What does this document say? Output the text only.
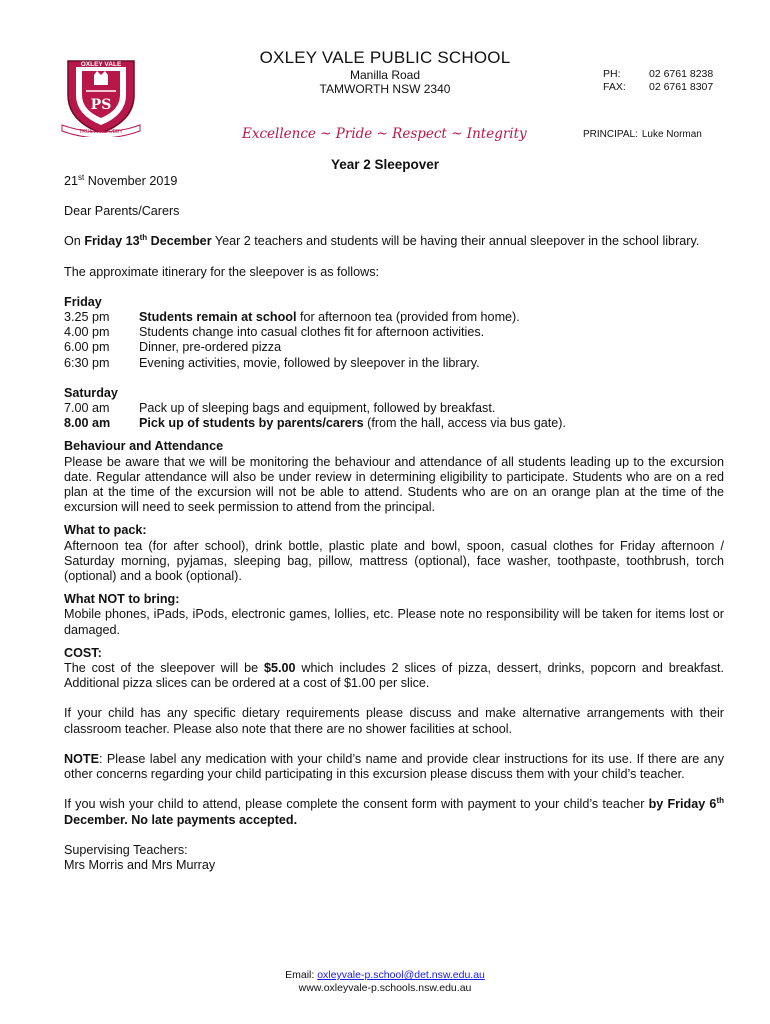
PS
OXLEY VALE
TRUST AND OBEY
OXLEY VALE PUBLIC SCHOOL
Manilla Road
TAMWORTH NSW 2340
PH:	02 6761 8238
FAX: 02 6761 8307
Excellence ~ Pride ~ Respect ~ Integrity	PRINCIPAL: Luke Norman
Year 2 Sleepover

21st November 2019

Dear Parents/Carers

On Friday 13th December Year 2 teachers and students will be having their annual sleepover in the school library.

The approximate itinerary for the sleepover is as follows:

Friday
3.25 pm	Students remain at school for afternoon tea (provided from home).
4.00 pm	Students change into casual clothes fit for afternoon activities.
6.00 pm	Dinner, pre-ordered pizza
6:30 pm	Evening activities, movie, followed by sleepover in the library.
Saturday
7.00 am	Pack up of sleeping bags and equipment, followed by breakfast.
8.00 am	Pick up of students by parents/carers (from the hall, access via bus gate).
Behaviour and Attendance

Please be aware that we will be monitoring the behaviour and attendance of all students leading up to the excursion date. Regular attendance will also be under review in determining eligibility to participate. Students who are on a red plan at the time of the excursion will not be able to attend. Students who are on an orange plan at the time of the excursion will need to seek permission to attend from the principal.

What to pack:

Afternoon tea (for after school), drink bottle, plastic plate and bowl, spoon, casual clothes for Friday afternoon / Saturday morning, pyjamas, sleeping bag, pillow, mattress (optional), face washer, toothpaste, toothbrush, torch (optional) and a book (optional).

What NOT to bring:

Mobile phones, iPads, iPods, electronic games, lollies, etc. Please note no responsibility will be taken for items lost or damaged.

COST:

The cost of the sleepover will be $5.00 which includes 2 slices of pizza, dessert, drinks, popcorn and breakfast. Additional pizza slices can be ordered at a cost of $1.00 per slice.

If your child has any specific dietary requirements please discuss and make alternative arrangements with their classroom teacher. Please also note that there are no shower facilities at school.

NOTE: Please label any medication with your child’s name and provide clear instructions for its use. If there are any other concerns regarding your child participating in this excursion please discuss them with your child’s teacher.

If you wish your child to attend, please complete the consent form with payment to your child’s teacher by Friday 6th December. No late payments accepted.

Supervising Teachers:

Mrs Morris and Mrs Murray

Email: oxleyvale-p.school@det.nsw.edu.au
www.oxleyvale-p.schools.nsw.edu.au
